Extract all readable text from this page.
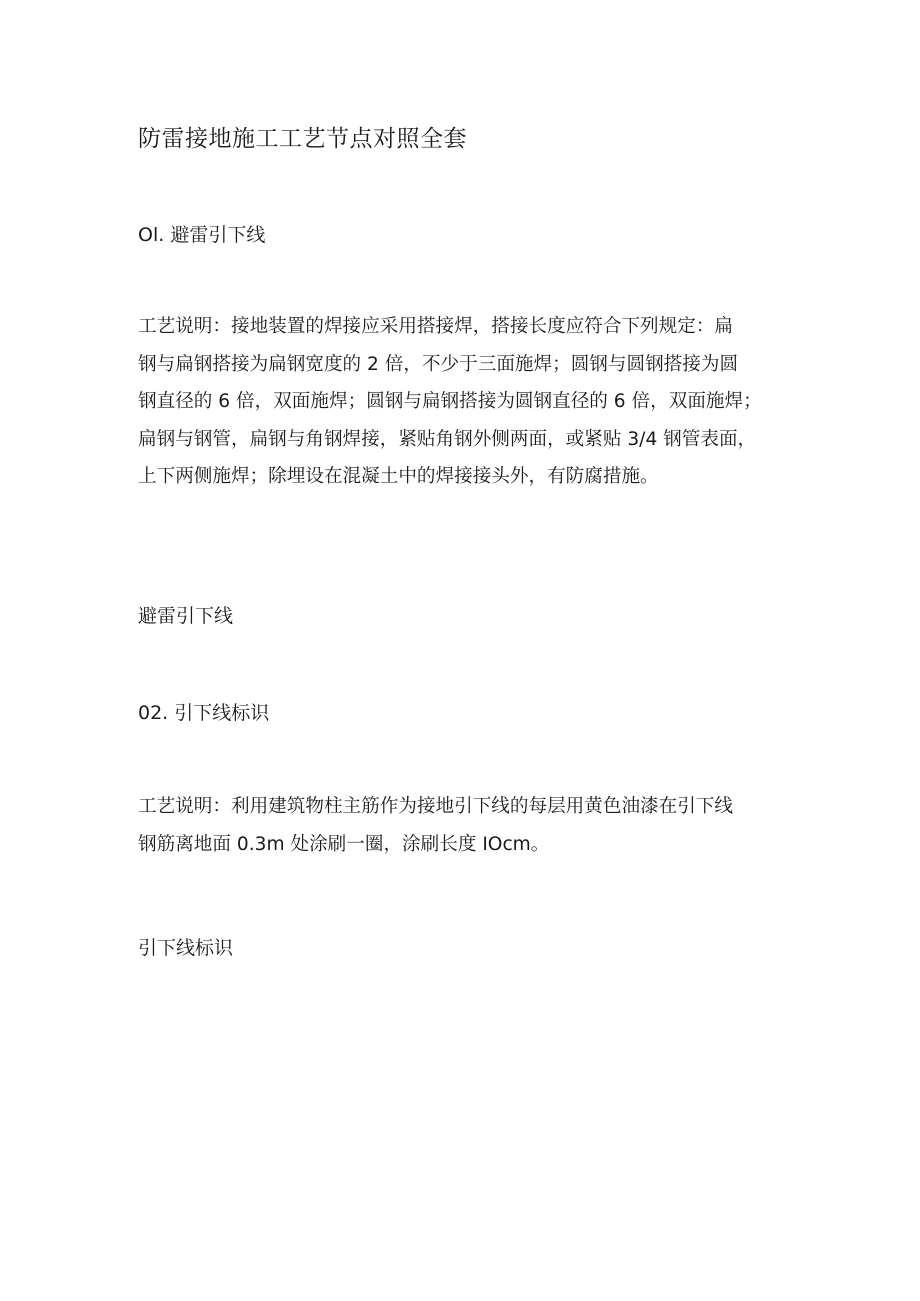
防雷接地施工工艺节点对照全套
Ol. 避雷引下线
工艺说明：接地装置的焊接应采用搭接焊，搭接长度应符合下列规定：扁
钢与扁钢搭接为扁钢宽度的 2 倍，不少于三面施焊；圆钢与圆钢搭接为圆
钢直径的 6 倍，双面施焊；圆钢与扁钢搭接为圆钢直径的 6 倍，双面施焊；
扁钢与钢管，扁钢与角钢焊接，紧贴角钢外侧两面，或紧贴 3/4 钢管表面，
上下两侧施焊；除埋设在混凝土中的焊接接头外，有防腐措施。
避雷引下线
02. 引下线标识
工艺说明：利用建筑物柱主筋作为接地引下线的每层用黄色油漆在引下线
钢筋离地面 0.3m 处涂刷一圈，涂刷长度 IOcm。
引下线标识
